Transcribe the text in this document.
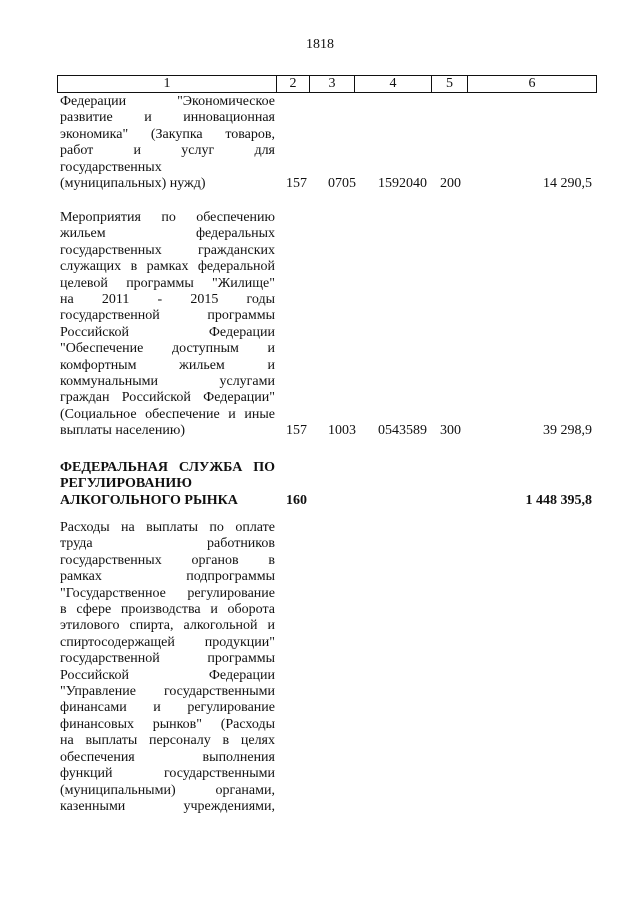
1818
1	2	3	4	5	6
Федерации "Экономическое
развитие и инновационная
экономика" (Закупка товаров,
работ и услуг для
государственных
(муниципальных) нужд)	157 0705 1592040 200	14 290,5
Мероприятия по обеспечению
жильем федеральных
государственных гражданских
служащих в рамках федеральной
целевой программы "Жилище"
на 2011 - 2015 годы
государственной программы
Российской Федерации
"Обеспечение доступным и
комфортным жильем и
коммунальными услугами
граждан Российской Федерации"
(Социальное обеспечение и иные
выплаты населению)	157 1003 0543589 300	39 298,9
ФЕДЕРАЛЬНАЯ СЛУЖБА ПО
РЕГУЛИРОВАНИЮ
АЛКОГОЛЬНОГО РЫНКА	160	1 448 395,8
Расходы на выплаты по оплате
труда работников
государственных органов в
рамках подпрограммы
"Государственное регулирование
в сфере производства и оборота
этилового спирта, алкогольной и
спиртосодержащей продукции"
государственной программы
Российской Федерации
"Управление государственными
финансами и регулирование
финансовых рынков" (Расходы
на выплаты персоналу в целях
обеспечения выполнения
функций государственными
(муниципальными) органами,
казенными учреждениями,
